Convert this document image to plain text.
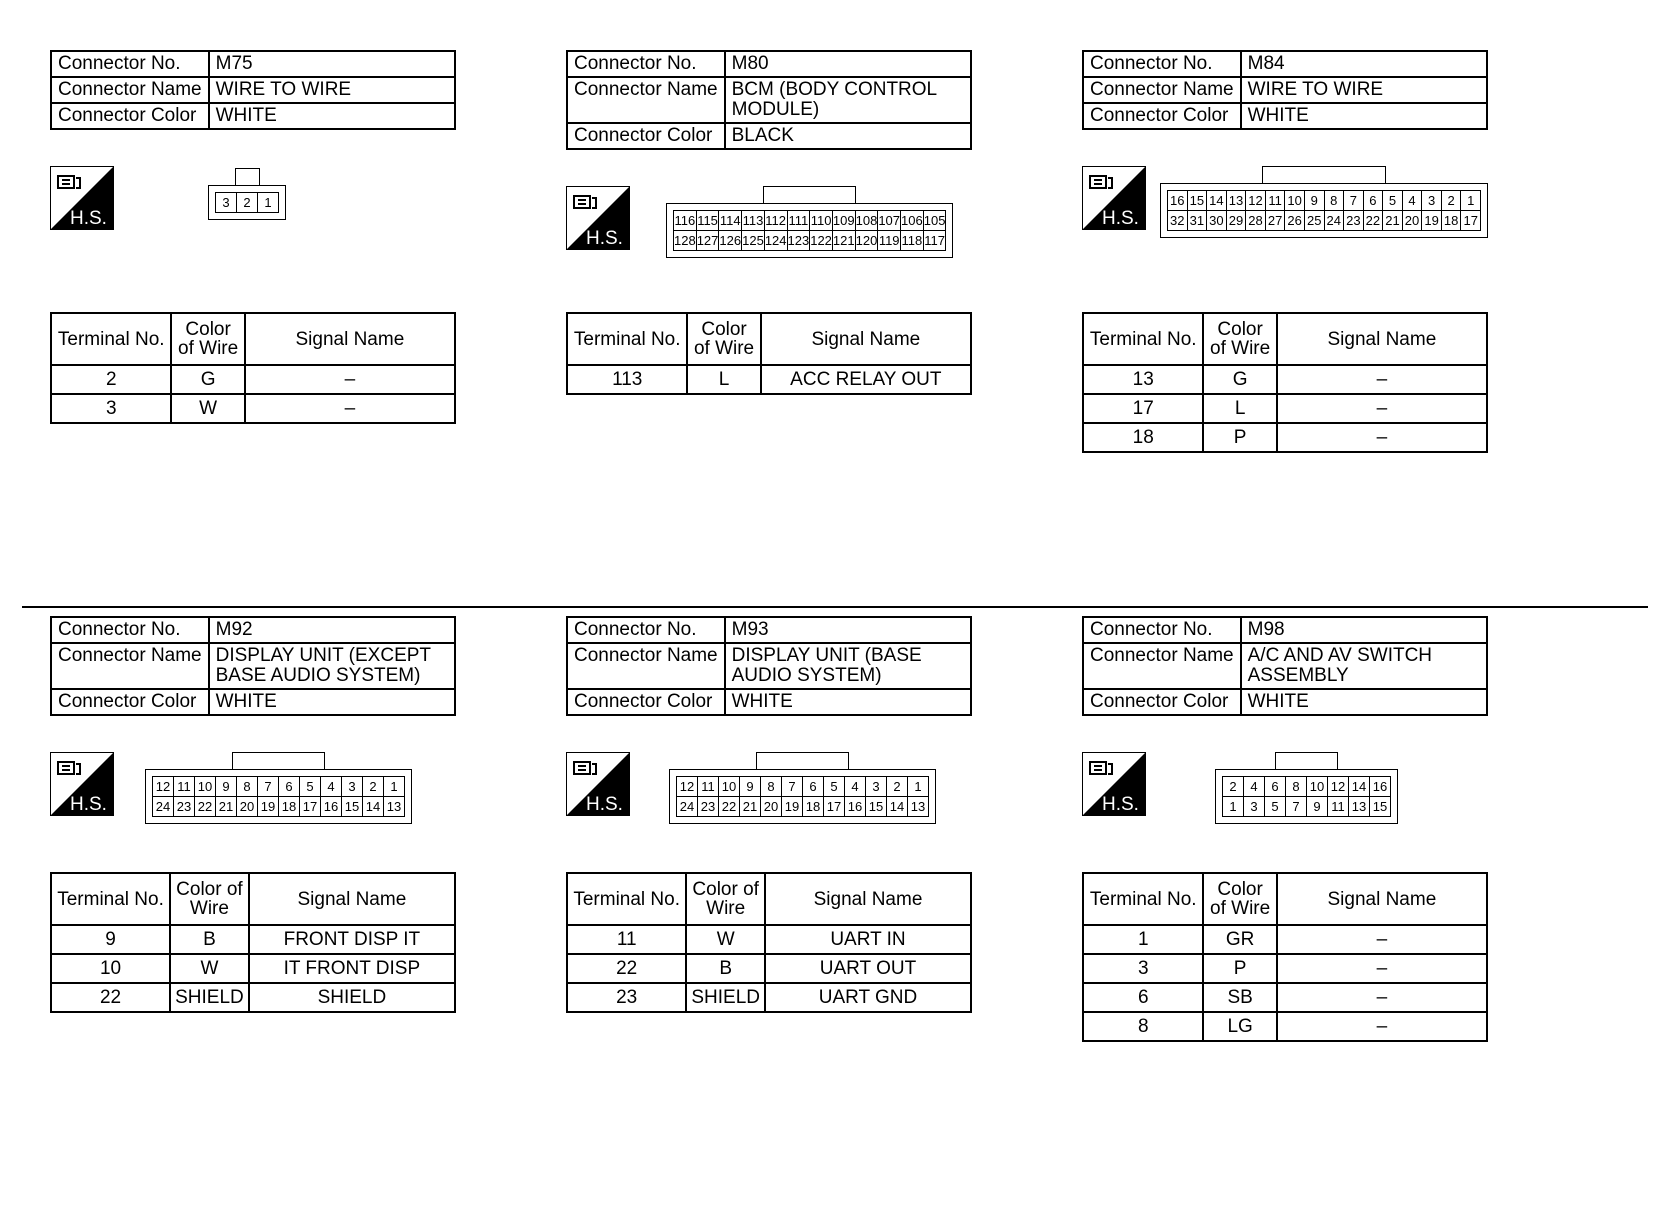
Connector No.	M75
Connector Name	WIRE TO WIRE
Connector Color	WHITE
H.S.
3	2	1
Terminal No.	Color of Wire	Signal Name
2	G	–
3	W	–
Connector No.	M80
Connector Name	BCM (BODY CONTROL MODULE)
Connector Color	BLACK
H.S.
116	115	114	113	112	111	110	109	108	107	106	105
128	127	126	125	124	123	122	121	120	119	118	117
Terminal No.	Color of Wire	Signal Name
113	L	ACC RELAY OUT
Connector No.	M84
Connector Name	WIRE TO WIRE
Connector Color	WHITE
H.S.
16	15	14	13	12	11	10	9	8	7	6	5	4	3	2	1
32	31	30	29	28	27	26	25	24	23	22	21	20	19	18	17
Terminal No.	Color of Wire	Signal Name
13	G	–
17	L	–
18	P	–
Connector No.	M92
Connector Name	DISPLAY UNIT (EXCEPT BASE AUDIO SYSTEM)
Connector Color	WHITE
H.S.
12	11	10	9	8	7	6	5	4	3	2	1
24	23	22	21	20	19	18	17	16	15	14	13
Terminal No.	Color of Wire	Signal Name
9	B	FRONT DISP IT
10	W	IT FRONT DISP
22	SHIELD	SHIELD
Connector No.	M93
Connector Name	DISPLAY UNIT (BASE AUDIO SYSTEM)
Connector Color	WHITE
H.S.
12	11	10	9	8	7	6	5	4	3	2	1
24	23	22	21	20	19	18	17	16	15	14	13
Terminal No.	Color of Wire	Signal Name
11	W	UART IN
22	B	UART OUT
23	SHIELD	UART GND
Connector No.	M98
Connector Name	A/C AND AV SWITCH ASSEMBLY
Connector Color	WHITE
H.S.
2	4	6	8	10	12	14	16
1	3	5	7	9	11	13	15
Terminal No.	Color of Wire	Signal Name
1	GR	–
3	P	–
6	SB	–
8	LG	–
